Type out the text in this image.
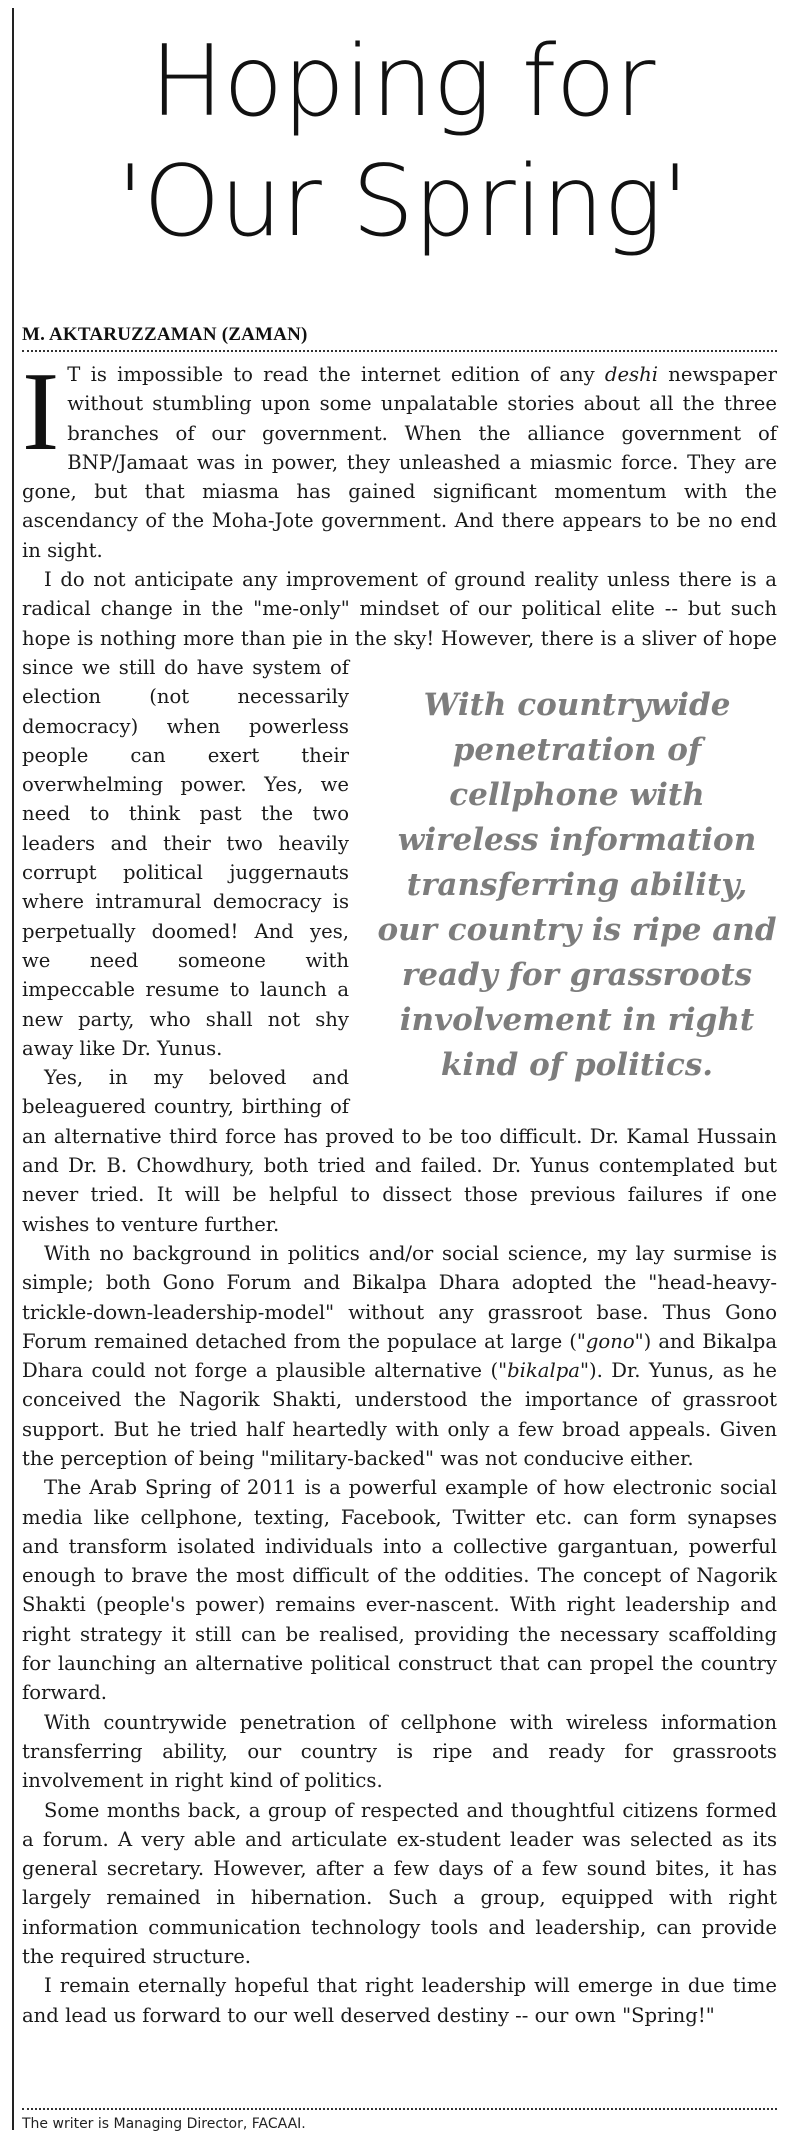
Hoping for
'Our Spring'
M. AKTARUZZAMAN (ZAMAN)

I T is impossible to read the internet edition of any deshi newspaper without stumbling upon some unpalatable stories about all the three branches of our government. When the alliance government of BNP/Jamaat was in power, they unleashed a miasmic force. They are gone, but that miasma has gained significant momentum with the ascendancy of the Moha-Jote government. And there appears to be no end in sight.

I do not anticipate any improvement of ground reality unless there is a radical change in the "me-only" mindset of our political elite -- but such hope is nothing more than pie in the sky! However, there is a sliver of hope since we still do have
With countrywide penetration of cellphone with wireless information transferring ability, our country is ripe and ready for grassroots involvement in right kind of politics.
system of election (not necessarily democracy) when powerless people can exert their overwhelming power. Yes, we need to think past the two leaders and their two heavily corrupt political juggernauts where intramural democracy is perpetually doomed! And yes, we need someone with impeccable resume to launch a new party, who shall not shy away like Dr. Yunus.

Yes, in my beloved and beleaguered country, birthing of an alternative third force has proved to be too difficult. Dr. Kamal Hussain and Dr. B. Chowdhury, both tried and failed. Dr. Yunus contemplated but never tried. It will be helpful to dissect those previous failures if one wishes to venture further.

With no background in politics and/or social science, my lay surmise is simple; both Gono Forum and Bikalpa Dhara adopted the "head-heavy-trickle-down-leadership-model" without any grassroot base. Thus Gono Forum remained detached from the populace at large ("gono") and Bikalpa Dhara could not forge a plausible alternative ("bikalpa"). Dr. Yunus, as he conceived the Nagorik Shakti, understood the importance of grassroot support. But he tried half heartedly with only a few broad appeals. Given the perception of being "military-backed" was not conducive either.

The Arab Spring of 2011 is a powerful example of how electronic social media like cellphone, texting, Facebook, Twitter etc. can form synapses and transform isolated individuals into a collective gargantuan, powerful enough to brave the most difficult of the oddities. The concept of Nagorik Shakti (people's power) remains ever-nascent. With right leadership and right strategy it still can be realised, providing the necessary scaffolding for launching an alternative political construct that can propel the country forward.

With countrywide penetration of cellphone with wireless information transferring ability, our country is ripe and ready for grassroots involvement in right kind of politics.

Some months back, a group of respected and thoughtful citizens formed a forum. A very able and articulate ex-student leader was selected as its general secretary. However, after a few days of a few sound bites, it has largely remained in hibernation. Such a group, equipped with right information communication technology tools and leadership, can provide the required structure.

I remain eternally hopeful that right leadership will emerge in due time and lead us forward to our well deserved destiny -- our own "Spring!"

The writer is Managing Director, FACAAI.
